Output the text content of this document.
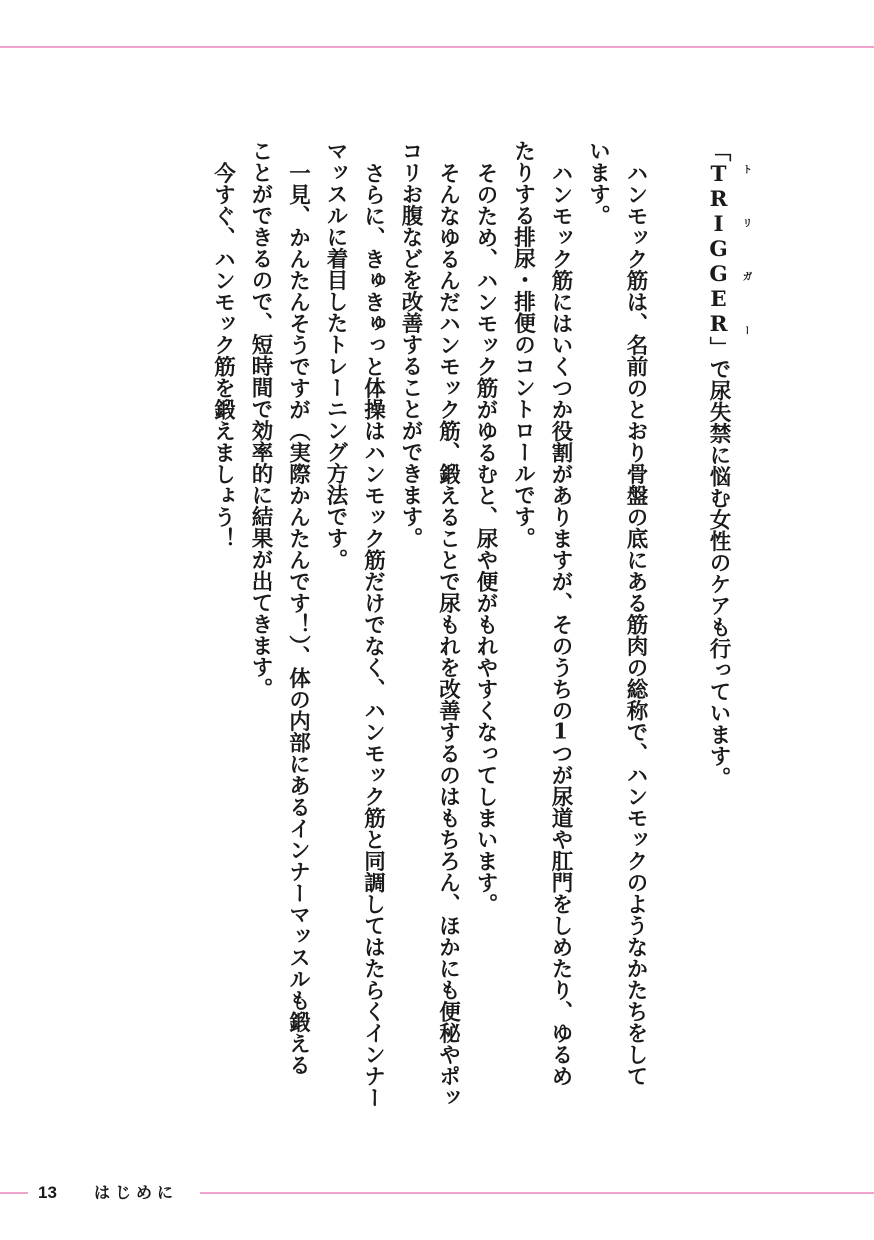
「TRIGGER トリガー
」で尿失禁に悩む女性のケアも行っています。
ハンモック筋は、名前のとおり骨盤の底にある筋肉の総称で、ハンモックのようなかたちをして
います。
ハンモック筋にはいくつか役割がありますが、そのうちの1つが尿道や肛門をしめたり、ゆるめ
たりする排尿・排便のコントロールです。
そのため、ハンモック筋がゆるむと、尿や便がもれやすくなってしまいます。
そんなゆるんだハンモック筋、鍛えることで尿もれを改善するのはもちろん、ほかにも便秘やポッ
コリお腹などを改善することができます。
さらに、きゅきゅっと体操はハンモック筋だけでなく、ハンモック筋と同調してはたらくインナー
マッスルに着目したトレーニング方法です。
一見、かんたんそうですが（実際かんたんです！）、体の内部にあるインナーマッスルも鍛える
ことができるので、短時間で効率的に結果が出てきます。
今すぐ、ハンモック筋を鍛えましょう！
13 はじめに
